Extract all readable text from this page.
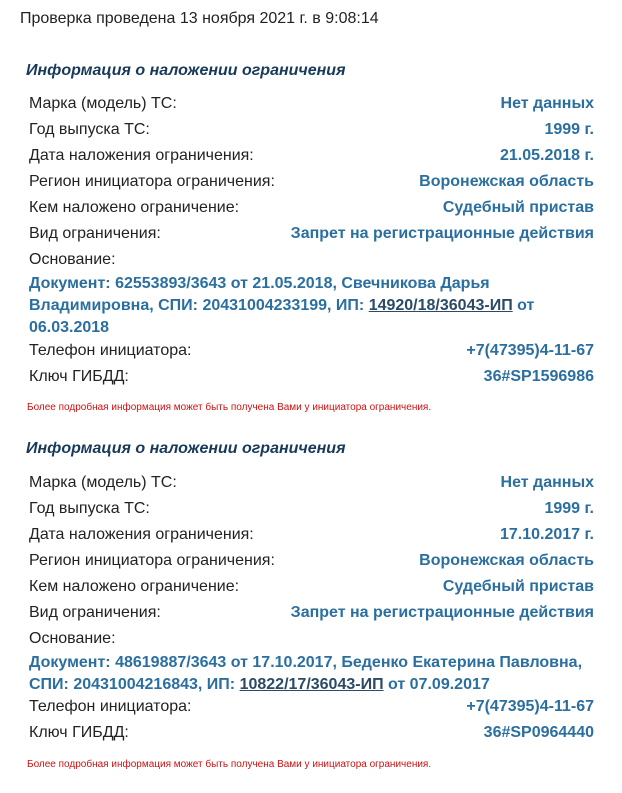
Проверка проведена 13 ноября 2021 г. в 9:08:14
Информация о наложении ограничения
Марка (модель) ТС:	Нет данных
Год выпуска ТС:	1999 г.
Дата наложения ограничения:	21.05.2018 г.
Регион инициатора ограничения:	Воронежская область
Кем наложено ограничение:	Судебный пристав
Вид ограничения:	Запрет на регистрационные действия
Основание:
Документ: 62553893/3643 от 21.05.2018, Свечникова Дарья Владимировна, СПИ: 20431004233199, ИП: 14920/18/36043-ИП от 06.03.2018
Телефон инициатора:	+7(47395)4-11-67
Ключ ГИБДД:	36#SP1596986
Более подробная информация может быть получена Вами у инициатора ограничения.
Информация о наложении ограничения
Марка (модель) ТС:	Нет данных
Год выпуска ТС:	1999 г.
Дата наложения ограничения:	17.10.2017 г.
Регион инициатора ограничения:	Воронежская область
Кем наложено ограничение:	Судебный пристав
Вид ограничения:	Запрет на регистрационные действия
Основание:
Документ: 48619887/3643 от 17.10.2017, Беденко Екатерина Павловна, СПИ: 20431004216843, ИП: 10822/17/36043-ИП от 07.09.2017
Телефон инициатора:	+7(47395)4-11-67
Ключ ГИБДД:	36#SP0964440
Более подробная информация может быть получена Вами у инициатора ограничения.
